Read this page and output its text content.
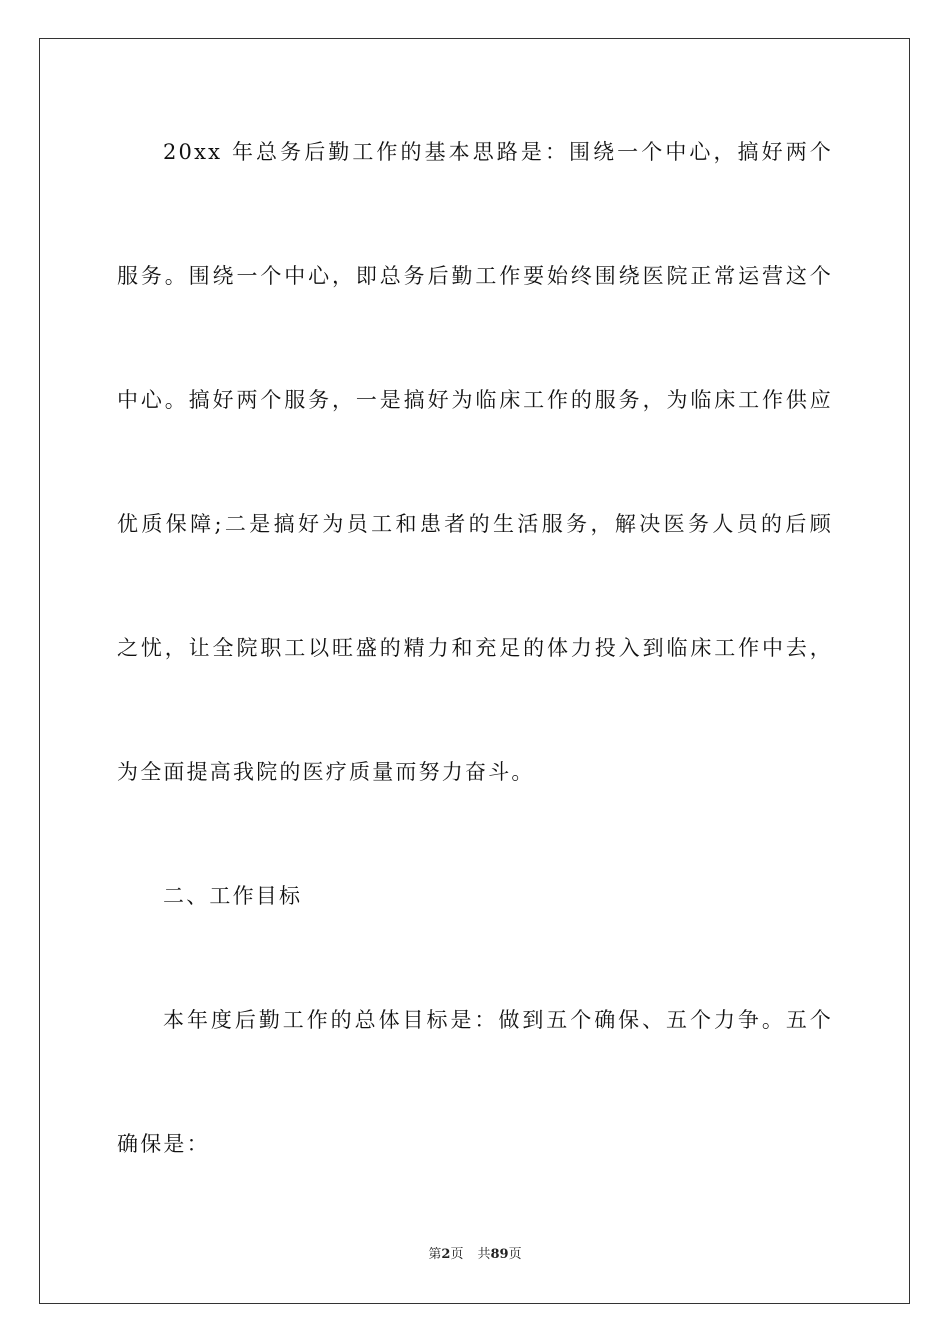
20xx 年总务后勤工作的基本思路是：围绕一个中心，搞好两个
服务。围绕一个中心，即总务后勤工作要始终围绕医院正常运营这个
中心。搞好两个服务，一是搞好为临床工作的服务，为临床工作供应
优质保障;二是搞好为员工和患者的生活服务，解决医务人员的后顾
之忧，让全院职工以旺盛的精力和充足的体力投入到临床工作中去，
为全面提高我院的医疗质量而努力奋斗。
二、工作目标
本年度后勤工作的总体目标是：做到五个确保、五个力争。五个
确保是：
第2页 共89页
